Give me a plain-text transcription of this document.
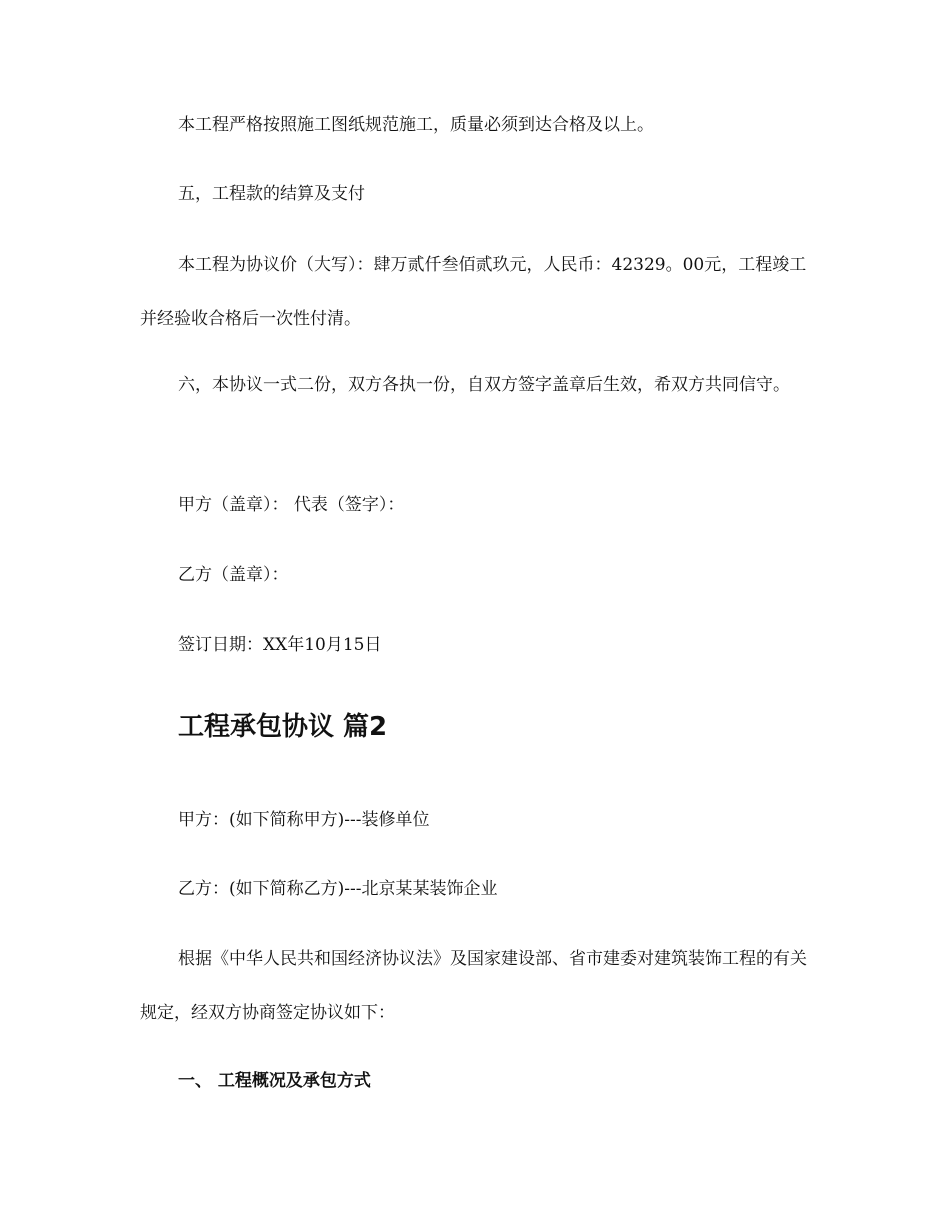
本工程严格按照施工图纸规范施工，质量必须到达合格及以上。

五，工程款的结算及支付

本工程为协议价（大写）：肆万贰仟叁佰贰玖元，人民币：42329。00元，工程竣工并经验收合格后一次性付清。

六，本协议一式二份，双方各执一份，自双方签字盖章后生效，希双方共同信守。

甲方（盖章）： 代表（签字）：

乙方（盖章）：

签订日期：XX年10月15日

工程承包协议 篇2

甲方：(如下简称甲方)---装修单位

乙方：(如下简称乙方)---北京某某装饰企业

根据《中华人民共和国经济协议法》及国家建设部、省市建委对建筑装饰工程的有关规定，经双方协商签定协议如下：

一、 工程概况及承包方式
